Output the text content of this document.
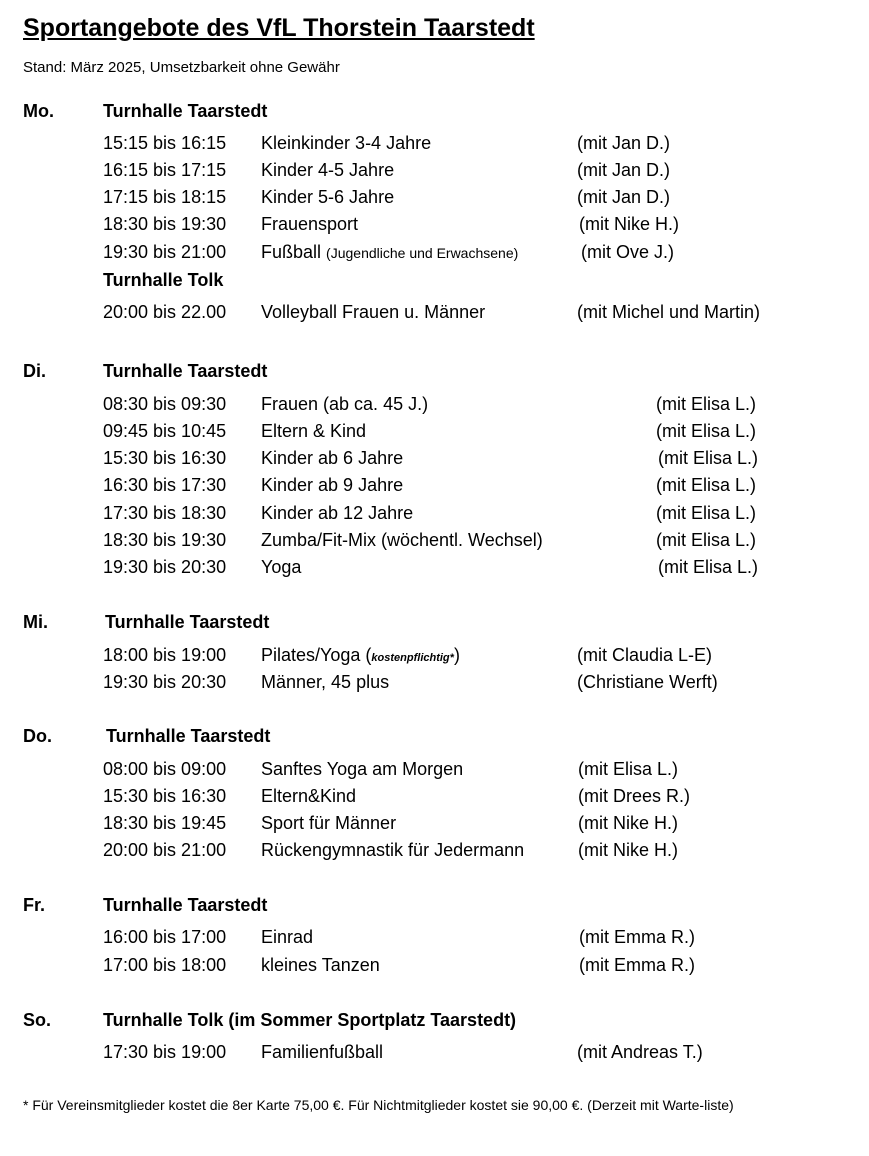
Sportangebote des VfL Thorstein Taarstedt
Stand: März 2025, Umsetzbarkeit ohne Gewähr
Mo.	Turnhalle Taarstedt
15:15 bis 16:15 Kleinkinder 3-4 Jahre	(mit Jan D.)
16:15 bis 17:15 Kinder 4-5 Jahre	(mit Jan D.)
17:15 bis 18:15 Kinder 5-6 Jahre	(mit Jan D.)
18:30 bis 19:30 Frauensport	(mit Nike H.)
19:30 bis 21:00 Fußball (Jugendliche und Erwachsene)	(mit Ove J.)
Turnhalle Tolk
20:00 bis 22.00 Volleyball Frauen u. Männer	(mit Michel und Martin)
Di.	Turnhalle Taarstedt
08:30 bis 09:30 Frauen (ab ca. 45 J.)	(mit Elisa L.)
09:45 bis 10:45 Eltern & Kind	(mit Elisa L.)
15:30 bis 16:30 Kinder ab 6 Jahre	(mit Elisa L.)
16:30 bis 17:30 Kinder ab 9 Jahre	(mit Elisa L.)
17:30 bis 18:30 Kinder ab 12 Jahre	(mit Elisa L.)
18:30 bis 19:30 Zumba/Fit-Mix (wöchentl. Wechsel)	(mit Elisa L.)
19:30 bis 20:30 Yoga	(mit Elisa L.)
Mi.	Turnhalle Taarstedt
18:00 bis 19:00 Pilates/Yoga (kostenpflichtig*)	(mit Claudia L-E)
19:30 bis 20:30 Männer, 45 plus	(Christiane Werft)
Do.	Turnhalle Taarstedt
08:00 bis 09:00 Sanftes Yoga am Morgen	(mit Elisa L.)
15:30 bis 16:30 Eltern&Kind	(mit Drees R.)
18:30 bis 19:45 Sport für Männer	(mit Nike H.)
20:00 bis 21:00 Rückengymnastik für Jedermann	(mit Nike H.)
Fr.	Turnhalle Taarstedt
16:00 bis 17:00 Einrad	(mit Emma R.)
17:00 bis 18:00 kleines Tanzen	(mit Emma R.)
So.	Turnhalle Tolk (im Sommer Sportplatz Taarstedt)
17:30 bis 19:00 Familienfußball	(mit Andreas T.)
* Für Vereinsmitglieder kostet die 8er Karte 75,00 €. Für Nichtmitglieder kostet sie 90,00 €. (Derzeit mit Warte-liste)
